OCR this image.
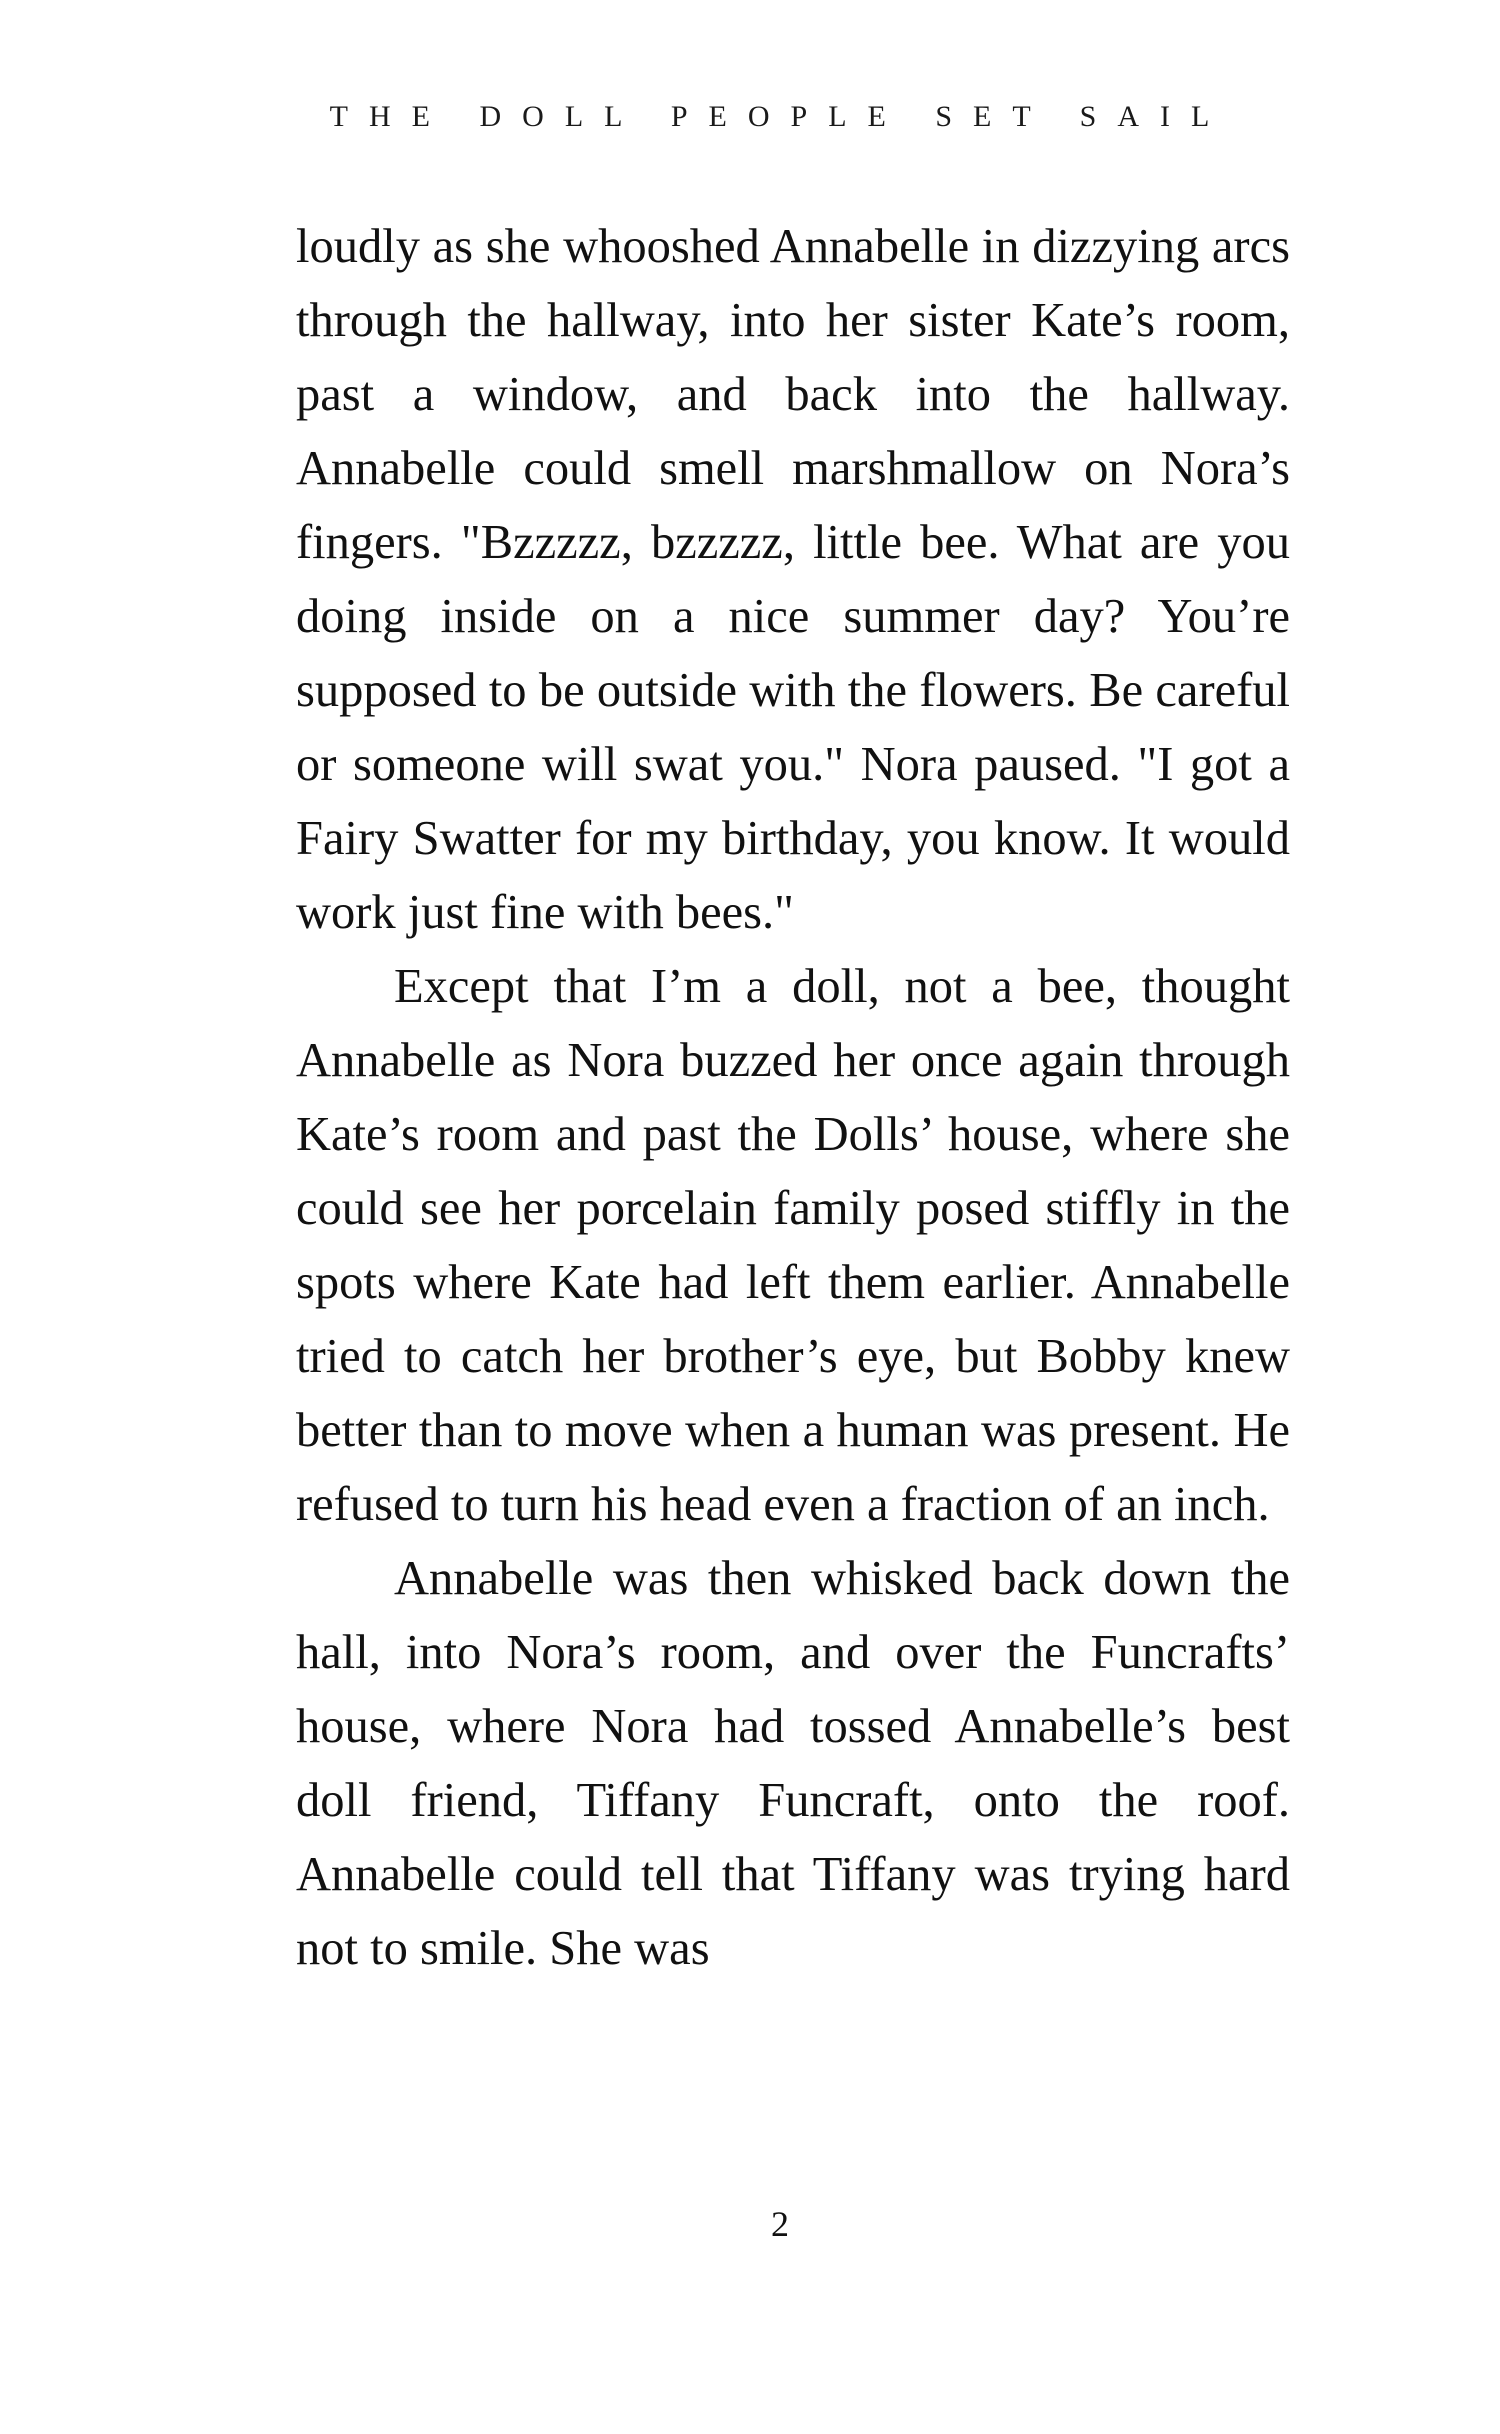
THE DOLL PEOPLE SET SAIL

loudly as she whooshed Annabelle in dizzying arcs through the hallway, into her sister Kate’s room, past a window, and back into the hallway. Annabelle could smell marshmallow on Nora’s fingers. "Bzzzzz, bzzzzz, little bee. What are you doing inside on a nice summer day? You’re supposed to be outside with the flowers. Be careful or someone will swat you." Nora paused. "I got a Fairy Swatter for my birthday, you know. It would work just fine with bees."

Except that I’m a doll, not a bee, thought Annabelle as Nora buzzed her once again through Kate’s room and past the Dolls’ house, where she could see her porcelain family posed stiffly in the spots where Kate had left them earlier. Annabelle tried to catch her brother’s eye, but Bobby knew better than to move when a human was present. He refused to turn his head even a fraction of an inch.

Annabelle was then whisked back down the hall, into Nora’s room, and over the Funcrafts’ house, where Nora had tossed Annabelle’s best doll friend, Tiffany Funcraft, onto the roof. Annabelle could tell that Tiffany was trying hard not to smile. She was

2
